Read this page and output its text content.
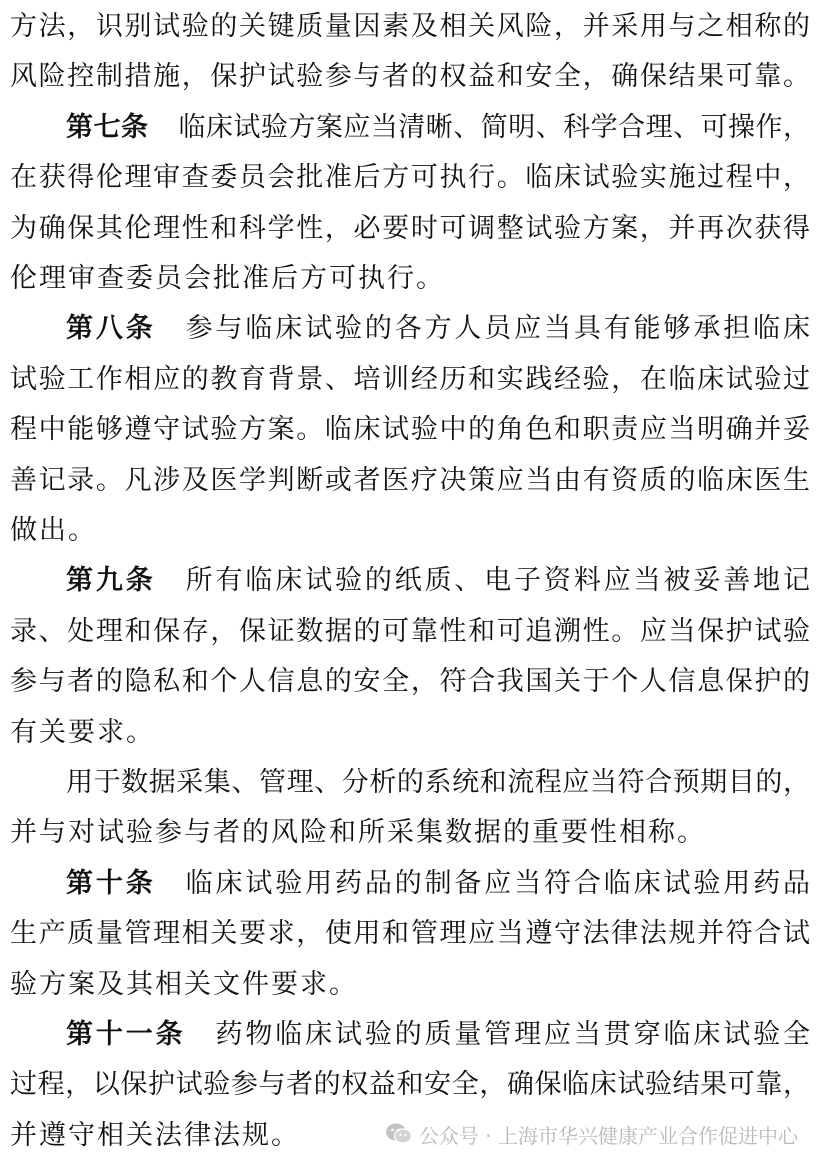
方法，识别试验的关键质量因素及相关风险，并采用与之相称的
风险控制措施，保护试验参与者的权益和安全，确保结果可靠。
第七条 临床试验方案应当清晰、简明、科学合理、可操作，
在获得伦理审查委员会批准后方可执行。临床试验实施过程中，
为确保其伦理性和科学性，必要时可调整试验方案，并再次获得
伦理审查委员会批准后方可执行。
第八条 参与临床试验的各方人员应当具有能够承担临床
试验工作相应的教育背景、培训经历和实践经验，在临床试验过
程中能够遵守试验方案。临床试验中的角色和职责应当明确并妥
善记录。凡涉及医学判断或者医疗决策应当由有资质的临床医生
做出。
第九条 所有临床试验的纸质、电子资料应当被妥善地记
录、处理和保存，保证数据的可靠性和可追溯性。应当保护试验
参与者的隐私和个人信息的安全，符合我国关于个人信息保护的
有关要求。
用于数据采集、管理、分析的系统和流程应当符合预期目的，
并与对试验参与者的风险和所采集数据的重要性相称。
第十条 临床试验用药品的制备应当符合临床试验用药品
生产质量管理相关要求，使用和管理应当遵守法律法规并符合试
验方案及其相关文件要求。
第十一条 药物临床试验的质量管理应当贯穿临床试验全
过程，以保护试验参与者的权益和安全，确保临床试验结果可靠，
并遵守相关法律法规。	公众号 · 上海市华兴健康产业合作促进中心
